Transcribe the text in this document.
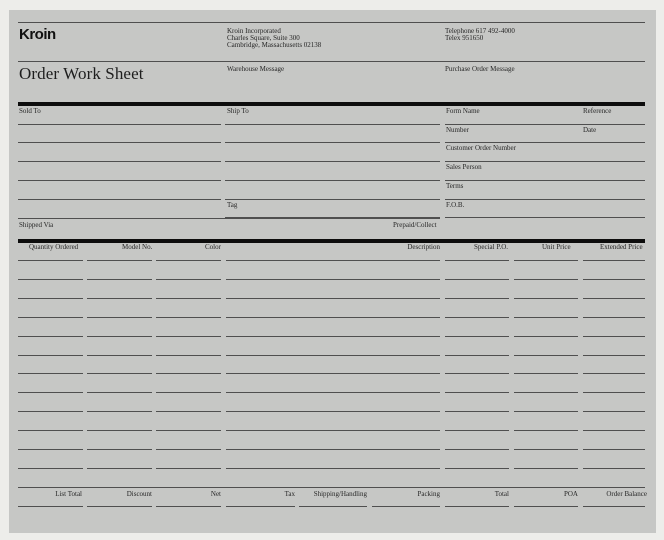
Kroin	Kroin Incorporated
Charles Square, Suite 300
Cambridge, Massachusetts 02138
Telephone 617 492-4000
Telex 951650
Order Work Sheet	Warehouse Message	Purchase Order Message
Sold To	Ship To	Form Name	Reference
Number	Date
Customer Order Number
Sales Person
Terms
Tag	F.O.B.
Shipped Via	Prepaid/Collect
Quantity Ordered	Model No.	Color	Description	Special P.O.	Unit Price	Extended Price
List Total	Discount	Net	Tax	Shipping/Handling	Packing	Total	POA	Order Balance
